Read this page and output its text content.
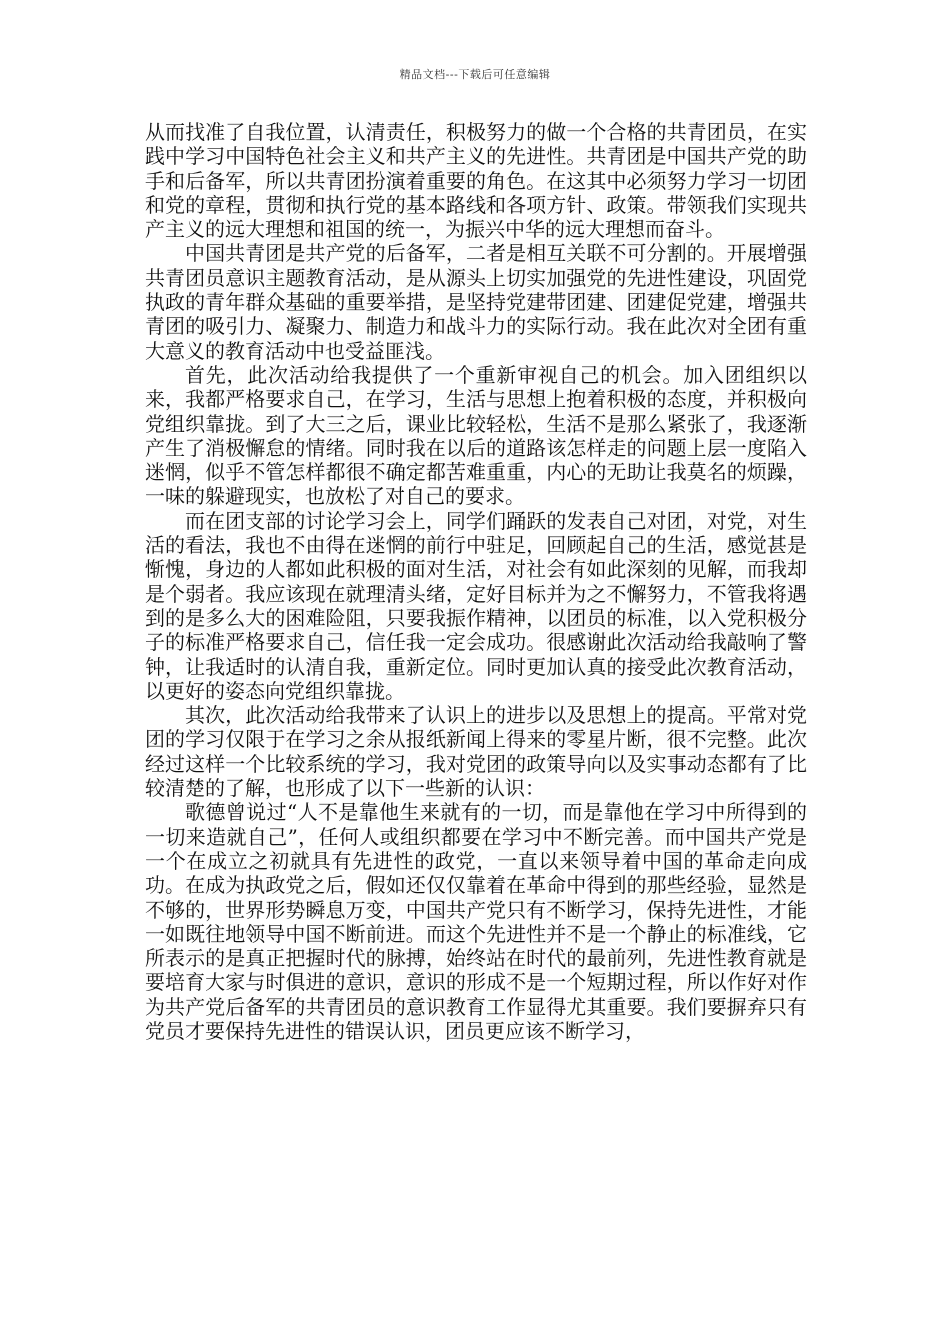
精品文档---下载后可任意编辑

从而找准了自我位置，认清责任，积极努力的做一个合格的共青团员，在实践中学习中国特色社会主义和共产主义的先进性。共青团是中国共产党的助手和后备军，所以共青团扮演着重要的角色。在这其中必须努力学习一切团和党的章程，贯彻和执行党的基本路线和各项方针、政策。带领我们实现共产主义的远大理想和祖国的统一，为振兴中华的远大理想而奋斗。

中国共青团是共产党的后备军，二者是相互关联不可分割的。开展增强共青团员意识主题教育活动，是从源头上切实加强党的先进性建设，巩固党执政的青年群众基础的重要举措，是坚持党建带团建、团建促党建，增强共青团的吸引力、凝聚力、制造力和战斗力的实际行动。我在此次对全团有重大意义的教育活动中也受益匪浅。

首先，此次活动给我提供了一个重新审视自己的机会。加入团组织以来，我都严格要求自己，在学习，生活与思想上抱着积极的态度，并积极向党组织靠拢。到了大三之后，课业比较轻松，生活不是那么紧张了，我逐渐产生了消极懈怠的情绪。同时我在以后的道路该怎样走的问题上层一度陷入迷惘，似乎不管怎样都很不确定都苦难重重，内心的无助让我莫名的烦躁，一味的躲避现实，也放松了对自己的要求。

而在团支部的讨论学习会上，同学们踊跃的发表自己对团，对党，对生活的看法，我也不由得在迷惘的前行中驻足，回顾起自己的生活，感觉甚是惭愧，身边的人都如此积极的面对生活，对社会有如此深刻的见解，而我却是个弱者。我应该现在就理清头绪，定好目标并为之不懈努力，不管我将遇到的是多么大的困难险阻，只要我振作精神，以团员的标准，以入党积极分子的标准严格要求自己，信任我一定会成功。很感谢此次活动给我敲响了警钟，让我适时的认清自我，重新定位。同时更加认真的接受此次教育活动，以更好的姿态向党组织靠拢。

其次，此次活动给我带来了认识上的进步以及思想上的提高。平常对党团的学习仅限于在学习之余从报纸新闻上得来的零星片断，很不完整。此次经过这样一个比较系统的学习，我对党团的政策导向以及实事动态都有了比较清楚的了解，也形成了以下一些新的认识：

歌德曾说过“人不是靠他生来就有的一切，而是靠他在学习中所得到的一切来造就自己”，任何人或组织都要在学习中不断完善。而中国共产党是一个在成立之初就具有先进性的政党，一直以来领导着中国的革命走向成功。在成为执政党之后，假如还仅仅靠着在革命中得到的那些经验，显然是不够的，世界形势瞬息万变，中国共产党只有不断学习，保持先进性，才能一如既往地领导中国不断前进。而这个先进性并不是一个静止的标准线，它所表示的是真正把握时代的脉搏，始终站在时代的最前列，先进性教育就是要培育大家与时俱进的意识，意识的形成不是一个短期过程，所以作好对作为共产党后备军的共青团员的意识教育工作显得尤其重要。我们要摒弃只有党员才要保持先进性的错误认识，团员更应该不断学习，
